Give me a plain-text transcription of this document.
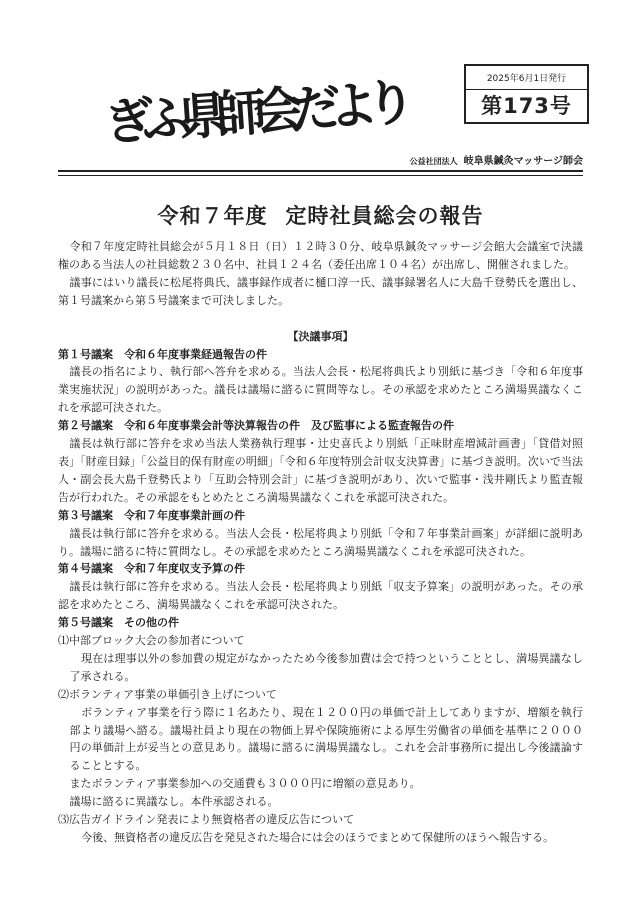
ぎふ県師会だより	2025年6月1日発行
第173号
公益社団法人 岐阜県鍼灸マッサージ師会
令和７年度 定時社員総会の報告

令和７年度定時社員総会が５月１８日（日）１２時３０分、岐阜県鍼灸マッサージ会館大会議室で決議権のある当法人の社員総数２３０名中、社員１２４名（委任出席１０４名）が出席し、開催されました。

議事にはいり議長に松尾将典氏、議事録作成者に樋口淳一氏、議事録署名人に大島千登勢氏を選出し、第１号議案から第５号議案まで可決しました。

【決議事項】

第１号議案　令和６年度事業経過報告の件

議長の指名により、執行部へ答弁を求める。当法人会長・松尾将典氏より別紙に基づき「令和６年度事業実施状況」の説明があった。議長は議場に諮るに質問等なし。その承認を求めたところ満場異議なくこれを承認可決された。

第２号議案　令和６年度事業会計等決算報告の件　及び監事による監査報告の件

議長は執行部に答弁を求め当法人業務執行理事・辻史喜氏より別紙「正味財産増減計画書」「貸借対照表」「財産目録」「公益目的保有財産の明細」「令和６年度特別会計収支決算書」に基づき説明。次いで当法人・副会長大島千登勢氏より「互助会特別会計」に基づき説明があり、次いで監事・浅井剛氏より監査報告が行われた。その承認をもとめたところ満場異議なくこれを承認可決された。

第３号議案　令和７年度事業計画の件

議長は執行部に答弁を求める。当法人会長・松尾将典より別紙「令和７年事業計画案」が詳細に説明あり。議場に諮るに特に質問なし。その承認を求めたところ満場異議なくこれを承認可決された。

第４号議案　令和７年度収支予算の件

議長は執行部に答弁を求める。当法人会長・松尾将典より別紙「収支予算案」の説明があった。その承認を求めたところ、満場異議なくこれを承認可決された。

第５号議案　その他の件

⑴中部ブロック大会の参加者について

現在は理事以外の参加費の規定がなかったため今後参加費は会で持つということとし、満場異議なし了承される。

⑵ボランティア事業の単価引き上げについて

ボランティア事業を行う際に１名あたり、現在１２００円の単価で計上してありますが、増額を執行部より議場へ諮る。議場社員より現在の物価上昇や保険施術による厚生労働省の単価を基準に２０００円の単価計上が妥当との意見あり。議場に諮るに満場異議なし。これを会計事務所に提出し今後議論することとする。

またボランティア事業参加への交通費も３０００円に増額の意見あり。

議場に諮るに異議なし。本件承認される。

⑶広告ガイドライン発表により無資格者の違反広告について

今後、無資格者の違反広告を発見された場合には会のほうでまとめて保健所のほうへ報告する。
